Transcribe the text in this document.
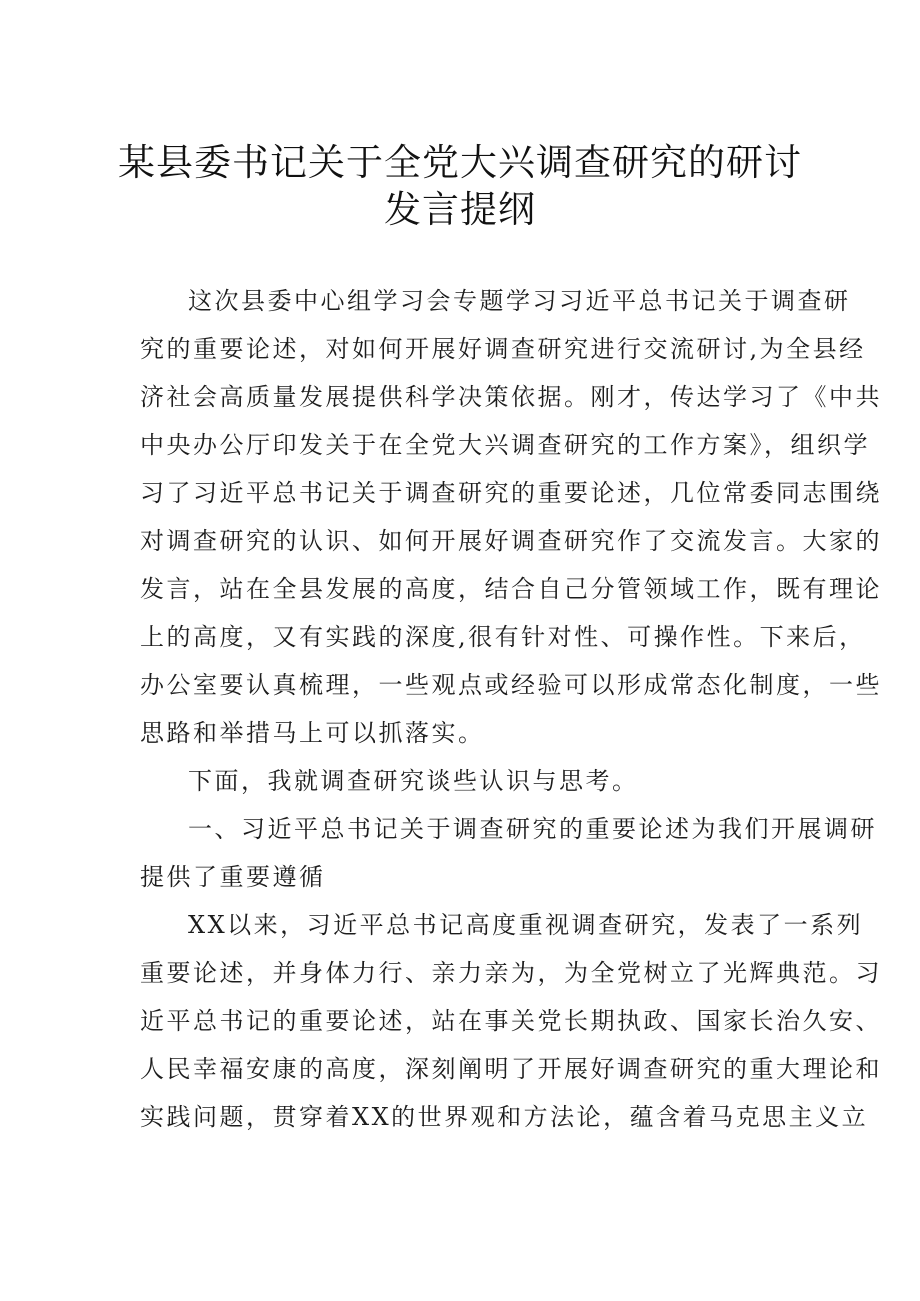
某县委书记关于全党大兴调查研究的研讨
发言提纲
这次县委中心组学习会专题学习习近平总书记关于调查研
究的重要论述，对如何开展好调查研究进行交流研讨,为全县经
济社会高质量发展提供科学决策依据。刚才，传达学习了《中共
中央办公厅印发关于在全党大兴调查研究的工作方案》，组织学
习了习近平总书记关于调查研究的重要论述，几位常委同志围绕
对调查研究的认识、如何开展好调查研究作了交流发言。大家的
发言，站在全县发展的高度，结合自己分管领域工作，既有理论
上的高度，又有实践的深度,很有针对性、可操作性。下来后，
办公室要认真梳理，一些观点或经验可以形成常态化制度，一些
思路和举措马上可以抓落实。
下面，我就调查研究谈些认识与思考。
一、习近平总书记关于调查研究的重要论述为我们开展调研
提供了重要遵循
XX以来，习近平总书记高度重视调查研究，发表了一系列
重要论述，并身体力行、亲力亲为，为全党树立了光辉典范。习
近平总书记的重要论述，站在事关党长期执政、国家长治久安、
人民幸福安康的高度，深刻阐明了开展好调查研究的重大理论和
实践问题，贯穿着XX的世界观和方法论，蕴含着马克思主义立
